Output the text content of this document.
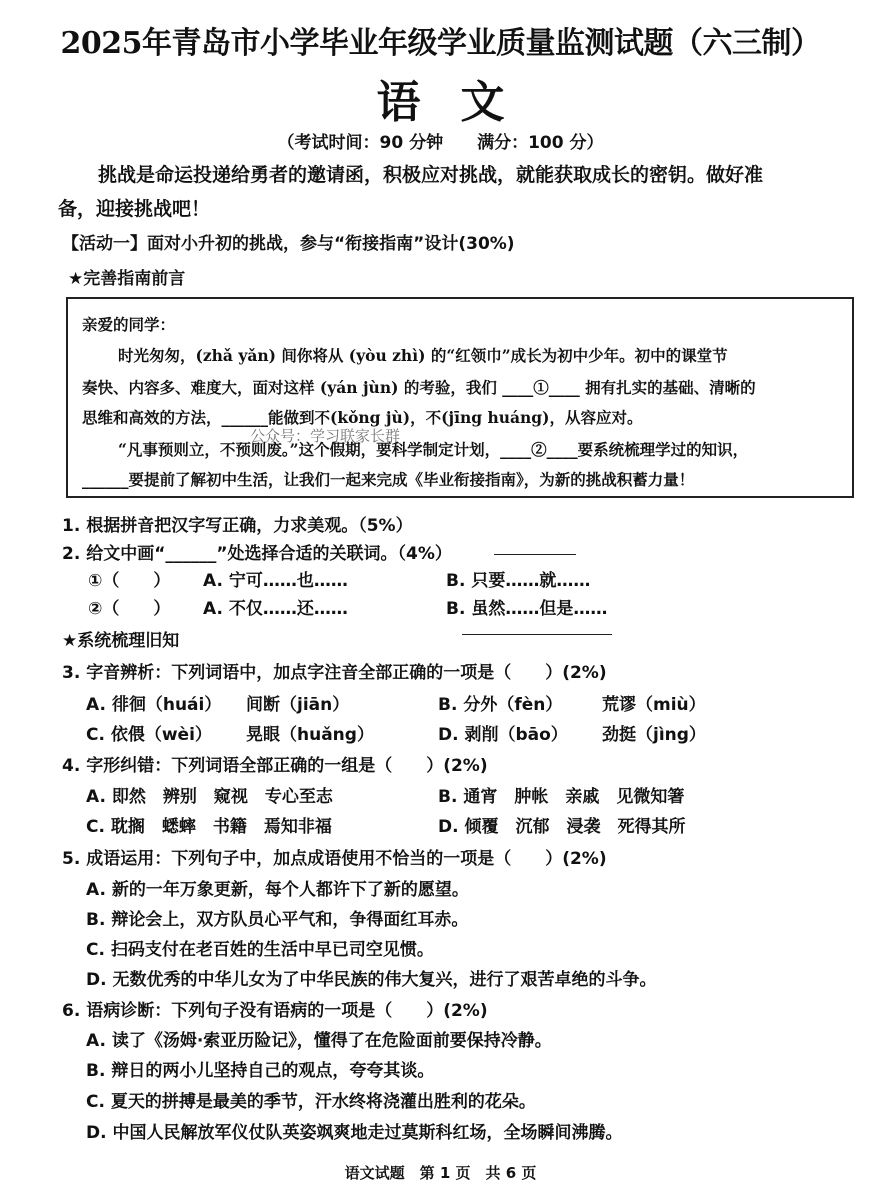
2025年青岛市小学毕业年级学业质量监测试题（六三制）
语文
（考试时间：90 分钟　　满分：100 分）
挑战是命运投递给勇者的邀请函，积极应对挑战，就能获取成长的密钥。做好准
备，迎接挑战吧！
【活动一】面对小升初的挑战，参与“衔接指南”设计(30%)
★完善指南前言
亲爱的同学：
时光匆匆，(zhǎ yǎn) 间你将从 (yòu zhì) 的“红领巾”成长为初中少年。初中的课堂节
奏快、内容多、难度大，面对这样 (yán jùn) 的考验，我们 ____①____ 拥有扎实的基础、清晰的
思维和高效的方法，______能做到不(kǒng jù)，不(jīng huáng)，从容应对。
“凡事预则立，不预则废。”这个假期，要科学制定计划，____②____要系统梳理学过的知识，
______要提前了解初中生活，让我们一起来完成《毕业衔接指南》，为新的挑战积蓄力量！
公众号：学习联家长群
1. 根据拼音把汉字写正确，力求美观。（5%）
2. 给文中画“______”处选择合适的关联词。（4%）
①（　　） A. 宁可……也……	B. 只要……就……
②（　　） A. 不仅……还……	B. 虽然……但是……
★系统梳理旧知
3. 字音辨析：下列词语中，加点字注音全部正确的一项是（　　）(2%)
A. 徘徊（huái） 间断（jiān）	B. 分外（fèn） 荒谬（miù）
C. 依偎（wèi） 晃眼（huǎng）	D. 剥削（bāo） 劲挺（jìng）
4. 字形纠错：下列词语全部正确的一组是（　　）(2%)
A. 即然　辨别　窥视　专心至志	B. 通宵　肿帐　亲戚　见微知箸
C. 耽搁　蟋蟀　书籍　焉知非福	D. 倾覆　沉郁　浸袭　死得其所
5. 成语运用：下列句子中，加点成语使用不恰当的一项是（　　）(2%)
A. 新的一年万象更新，每个人都许下了新的愿望。
B. 辩论会上，双方队员心平气和，争得面红耳赤。
C. 扫码支付在老百姓的生活中早已司空见惯。
D. 无数优秀的中华儿女为了中华民族的伟大复兴，进行了艰苦卓绝的斗争。
6. 语病诊断：下列句子没有语病的一项是（　　）(2%)
A. 读了《汤姆·索亚历险记》，懂得了在危险面前要保持冷静。
B. 辩日的两小儿坚持自己的观点，夸夸其谈。
C. 夏天的拼搏是最美的季节，汗水终将浇灌出胜利的花朵。
D. 中国人民解放军仪仗队英姿飒爽地走过莫斯科红场，全场瞬间沸腾。
语文试题　第 1 页　共 6 页
